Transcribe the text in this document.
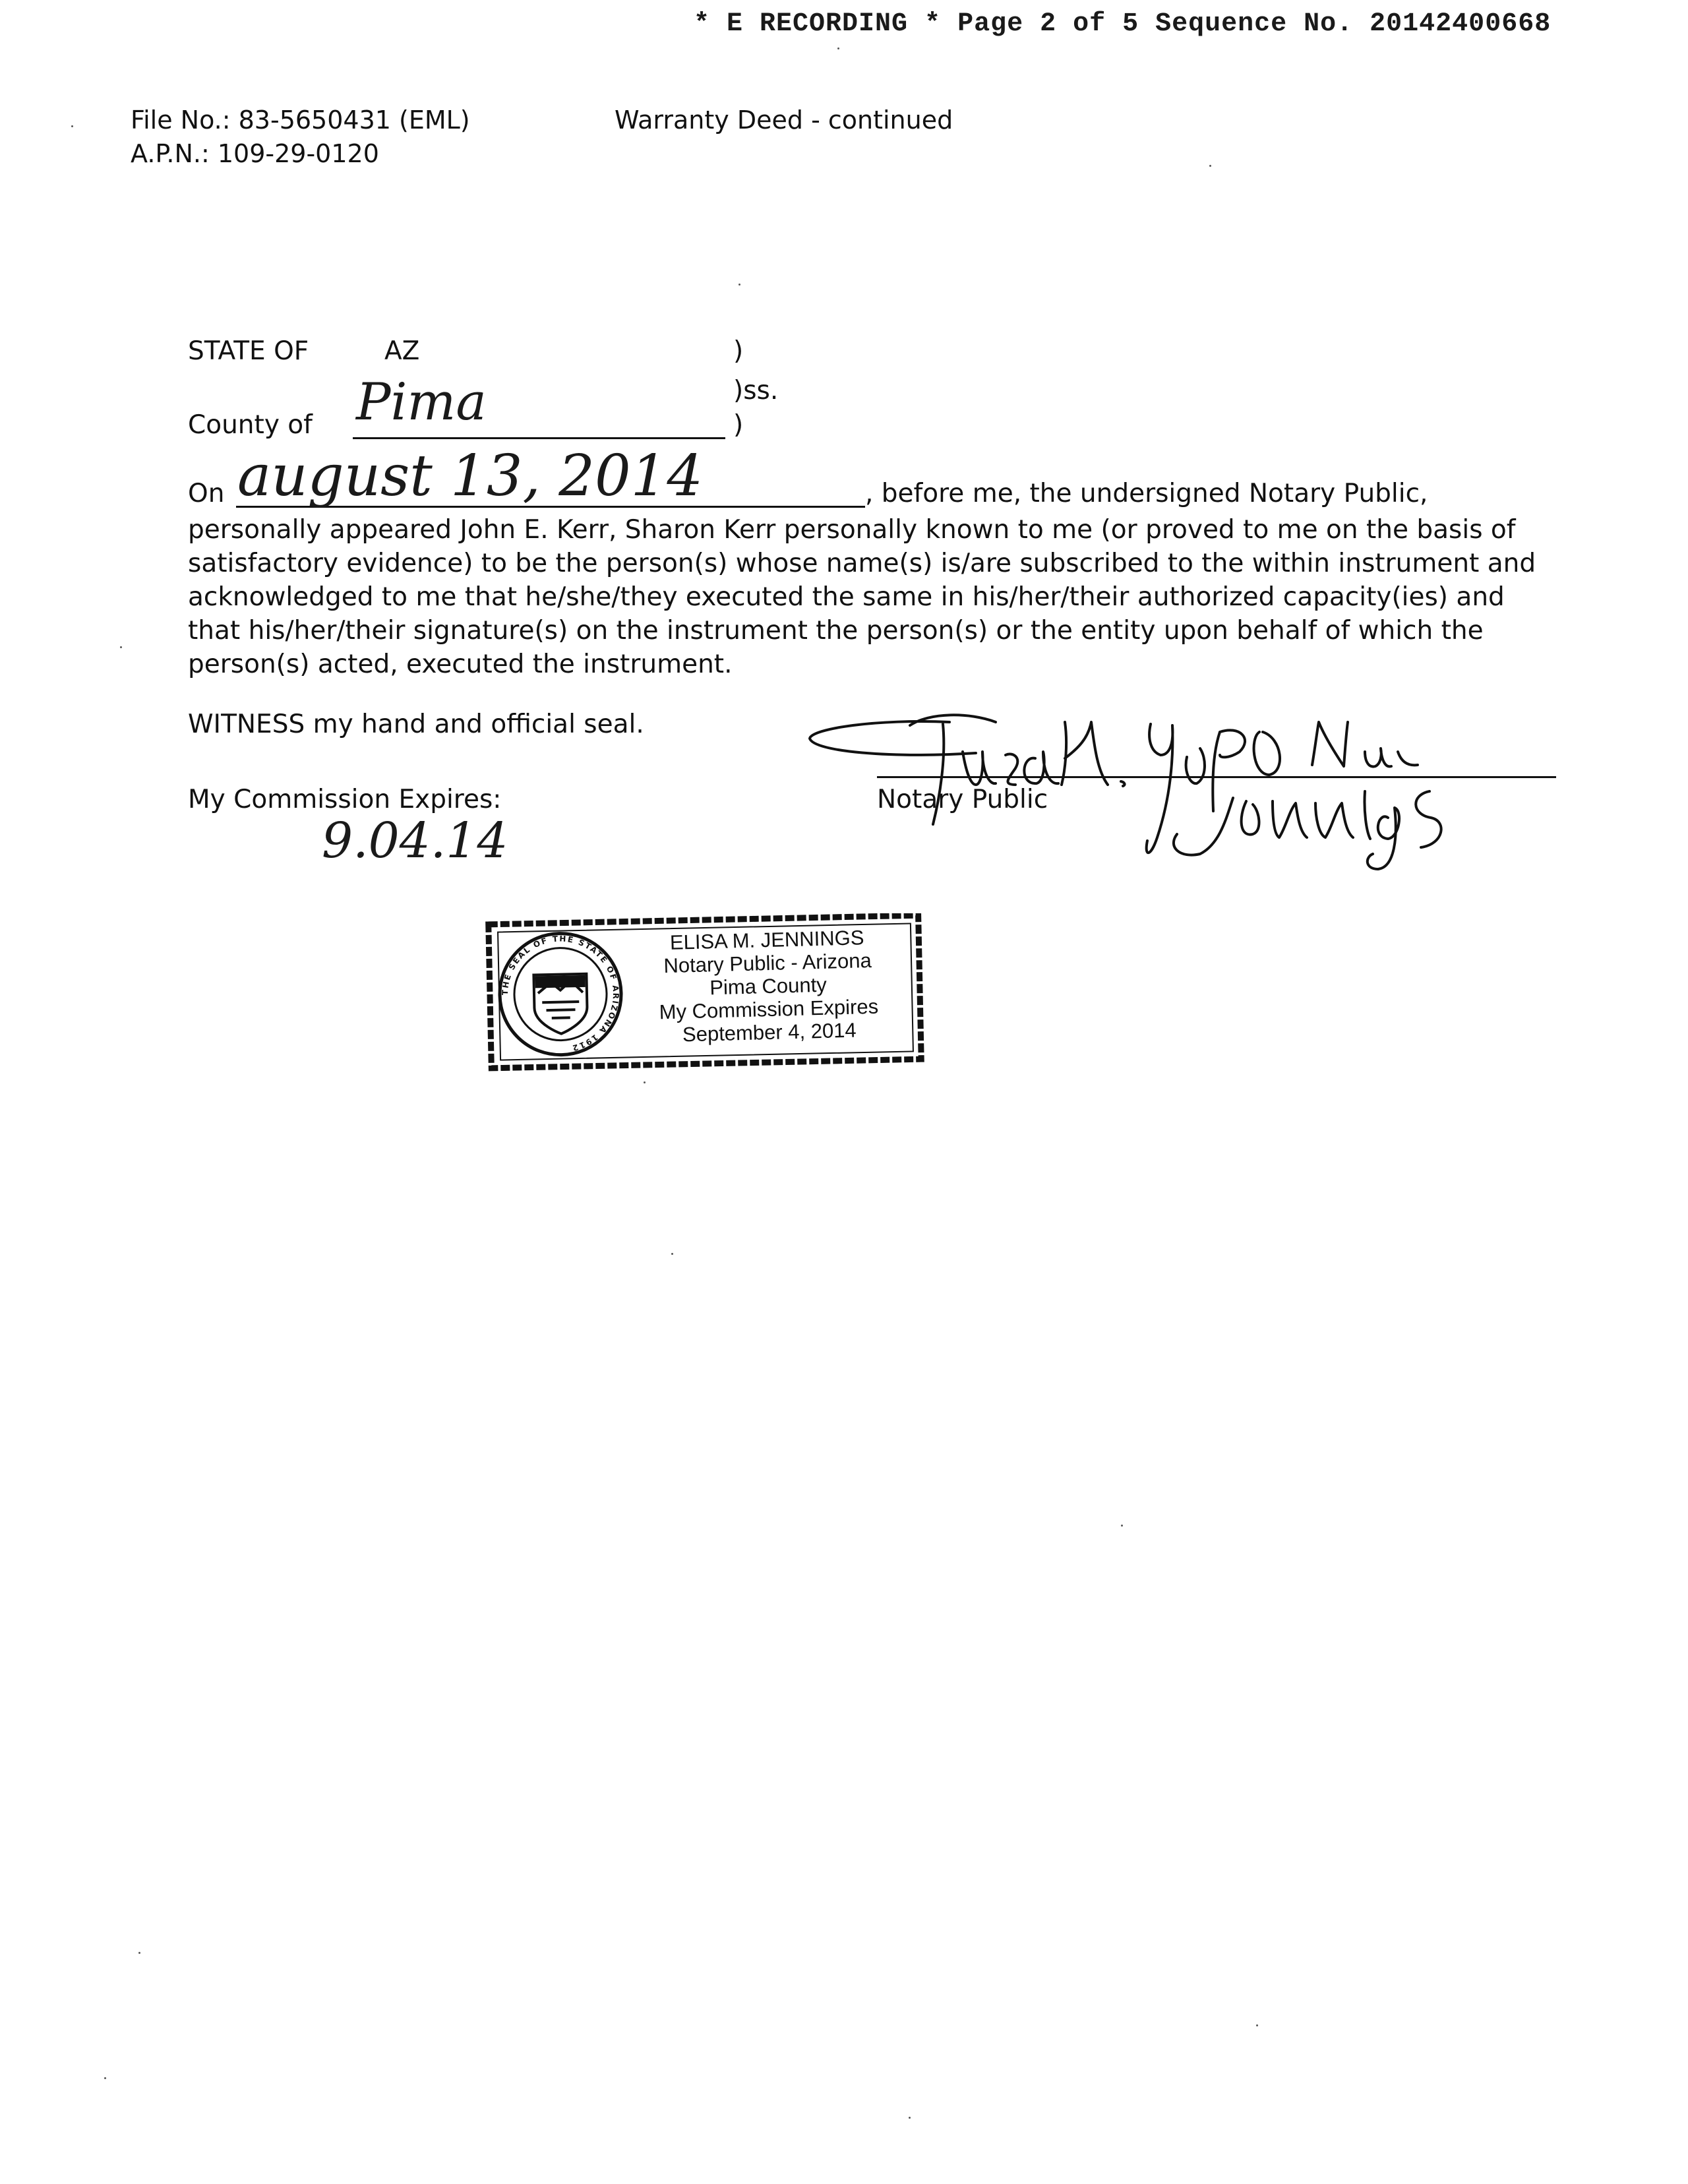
* E RECORDING * Page 2 of 5 Sequence No. 20142400668
File No.: 83-5650431 (EML)
A.P.N.: 109-29-0120
Warranty Deed - continued
STATE OF	AZ	)
)ss.
County of Pima	)
On august 13, 2014	, before me, the undersigned Notary Public,
personally appeared John E. Kerr, Sharon Kerr personally known to me (or proved to me on the basis of
satisfactory evidence) to be the person(s) whose name(s) is/are subscribed to the within instrument and
acknowledged to me that he/she/they executed the same in his/her/their authorized capacity(ies) and
that his/her/their signature(s) on the instrument the person(s) or the entity upon behalf of which the
person(s) acted, executed the instrument.
WITNESS my hand and official seal.
My Commission Expires:
9.04.14
Notary Public
THE SEAL OF THE STATE OF ARIZONA 1912
ELISA M. JENNINGS
Notary Public - Arizona
Pima County
My Commission Expires
September 4, 2014
